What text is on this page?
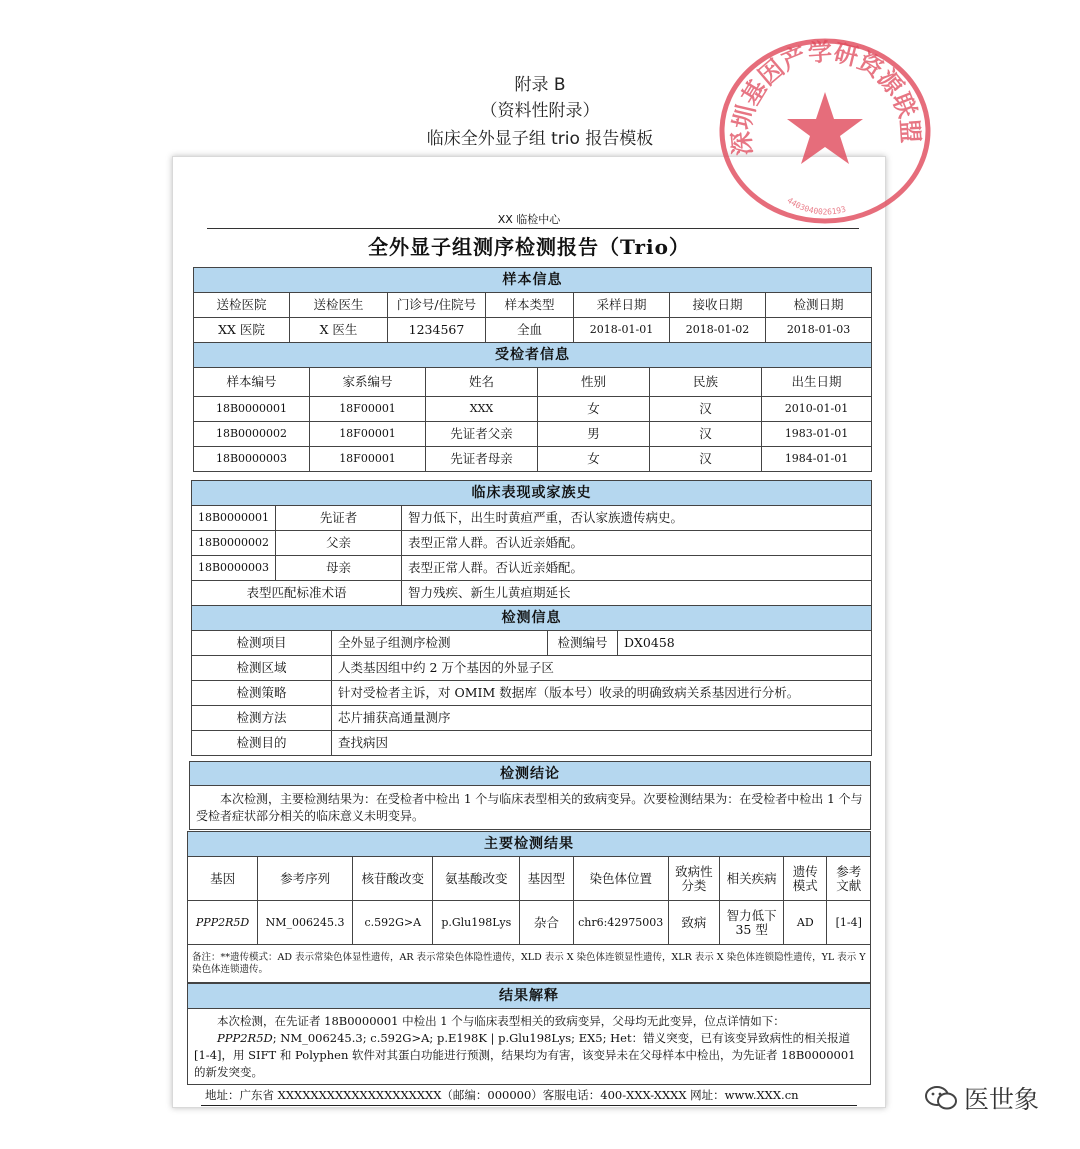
附录 B
（资料性附录）
临床全外显子组 trio 报告模板
XX 临检中心
全外显子组测序检测报告（Trio）
样本信息						
送检医院	送检医生	门诊号/住院号	样本类型	采样日期	接收日期	检测日期
XX 医院	X 医生	1234567	全血	2018-01-01	2018-01-02	2018-01-03
受检者信息					
样本编号	家系编号	姓名	性别	民族	出生日期
18B0000001	18F00001	XXX	女	汉	2010-01-01
18B0000002	18F00001	先证者父亲	男	汉	1983-01-01
18B0000003	18F00001	先证者母亲	女	汉	1984-01-01
临床表现或家族史		
18B0000001	先证者	智力低下，出生时黄疸严重，否认家族遗传病史。
18B0000002	父亲	表型正常人群。否认近亲婚配。
18B0000003	母亲	表型正常人群。否认近亲婚配。
表型匹配标准术语		智力残疾、新生儿黄疸期延长
检测信息			
检测项目	全外显子组测序检测	检测编号	DX0458
检测区域	人类基因组中约 2 万个基因的外显子区		
检测策略	针对受检者主诉，对 OMIM 数据库（版本号）收录的明确致病关系基因进行分析。		
检测方法	芯片捕获高通量测序		
检测目的	查找病因		
检测结论
本次检测，主要检测结果为：在受检者中检出 1 个与临床表型相关的致病变异。次要检测结果为：在受检者中检出 1 个与受检者症状部分相关的临床意义未明变异。
主要检测结果									
基因	参考序列	核苷酸改变	氨基酸改变	基因型	染色体位置	致病性分类	相关疾病	遗传模式	参考文献
PPP2R5D	NM_006245.3	c.592G>A	p.Glu198Lys	杂合	chr6:42975003	致病	智力低下35 型	AD	[1-4]
备注：**遗传模式：AD 表示常染色体显性遗传，AR 表示常染色体隐性遗传，XLD 表示 X 染色体连锁显性遗传，XLR 表示 X 染色体连锁隐性遗传，YL 表示 Y 染色体连锁遗传。									
结果解释

本次检测，在先证者 18B0000001 中检出 1 个与临床表型相关的致病变异，父母均无此变异，位点详情如下：
PPP2R5D; NM_006245.3; c.592G>A; p.E198K | p.Glu198Lys; EX5; Het：错义突变，已有该变异致病性的相关报道[1-4]，用 SIFT 和 Polyphen 软件对其蛋白功能进行预测，结果均为有害，该变异未在父母样本中检出，为先证者 18B0000001 的新发突变。
地址：广东省 XXXXXXXXXXXXXXXXXXXX（邮编：000000）客服电话：400-XXX-XXXX 网址：www.XXX.cn
深圳基因产学研资源联盟
4403040026193
医世象
